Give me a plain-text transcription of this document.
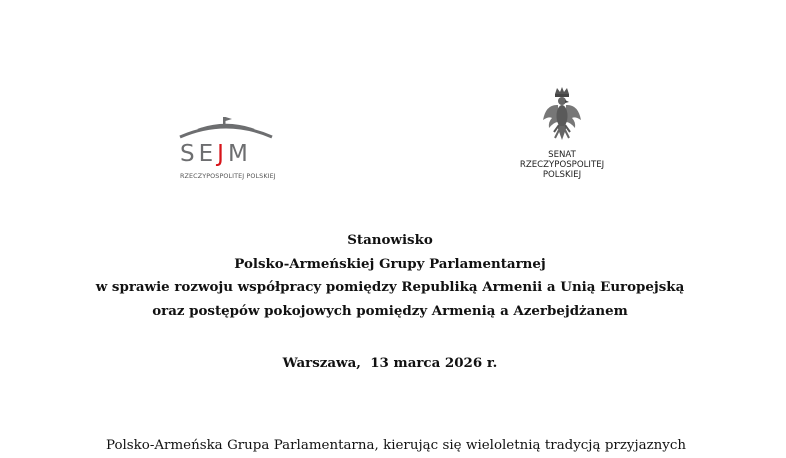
SEJM
RZECZYPOSPOLITEJ POLSKIEJ
SENAT
RZECZYPOSPOLITEJ
POLSKIEJ
Stanowisko
Polsko-Armeńskiej Grupy Parlamentarnej
w sprawie rozwoju współpracy pomiędzy Republiką Armenii a Unią Europejską
oraz postępów pokojowych pomiędzy Armenią a Azerbejdżanem
Warszawa,  13 marca 2026 r.
Polsko-Armeńska Grupa Parlamentarna, kierując się wieloletnią tradycją przyjaznych
